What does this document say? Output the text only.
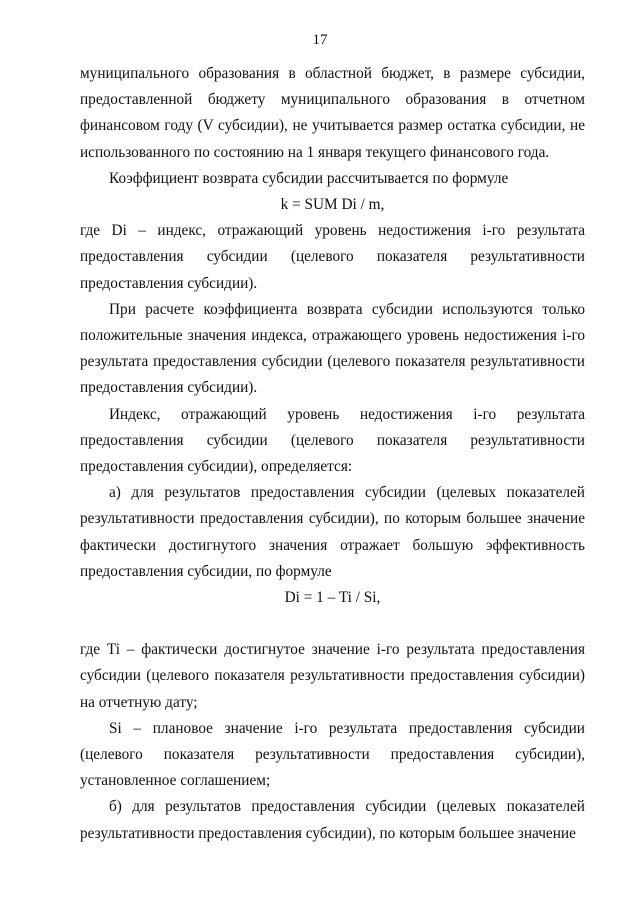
17

муниципального образования в областной бюджет, в размере субсидии, предоставленной бюджету муниципального образования в отчетном финансовом году (V субсидии), не учитывается размер остатка субсидии, не использованного по состоянию на 1 января текущего финансового года.

Коэффициент возврата субсидии рассчитывается по формуле

k = SUM Di / m,

где Di – индекс, отражающий уровень недостижения i-го результата предоставления субсидии (целевого показателя результативности предоставления субсидии).

При расчете коэффициента возврата субсидии используются только положительные значения индекса, отражающего уровень недостижения i-го результата предоставления субсидии (целевого показателя результативности предоставления субсидии).

Индекс, отражающий уровень недостижения i-го результата предоставления субсидии (целевого показателя результативности предоставления субсидии), определяется:

а) для результатов предоставления субсидии (целевых показателей результативности предоставления субсидии), по которым большее значение фактически достигнутого значения отражает большую эффективность предоставления субсидии, по формуле

Di = 1 – Ti / Si,

где Ti – фактически достигнутое значение i-го результата предоставления субсидии (целевого показателя результативности предоставления субсидии) на отчетную дату;

Si – плановое значение i-го результата предоставления субсидии (целевого показателя результативности предоставления субсидии), установленное соглашением;

б) для результатов предоставления субсидии (целевых показателей результативности предоставления субсидии), по которым большее значение
